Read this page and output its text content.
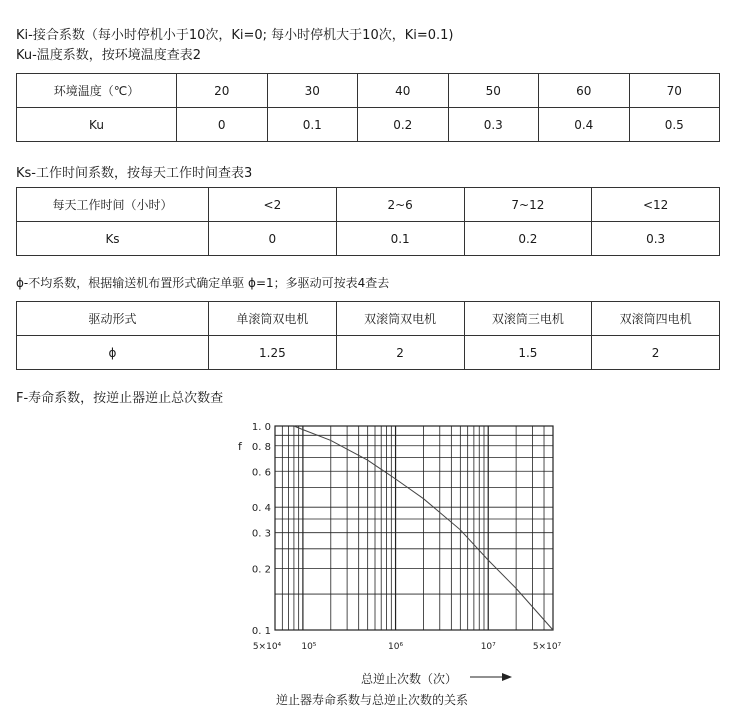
Ki-接合系数（每小时停机小于10次，Ki=0; 每小时停机大于10次，Ki=0.1)
Ku-温度系数，按环境温度查表2
环境温度（℃）	20	30	40	50	60	70
Ku	0	0.1	0.2	0.3	0.4	0.5
Ks-工作时间系数，按每天工作时间查表3
每天工作时间（小时）	<2	2~6	7~12	<12
Ks	0	0.1	0.2	0.3
ϕ-不均系数，根据输送机布置形式确定单驱 ϕ=1；多驱动可按表4查去
驱动形式	单滚筒双电机	双滚筒双电机	双滚筒三电机	双滚筒四电机
ϕ	1.25	2	1.5	2
F-寿命系数，按逆止器逆止总次数查
1. 0
0. 8
0. 6
0. 4
0. 3
0. 2
0. 1
5×10⁴ 10⁵	10⁶	10⁷	5×10⁷
f
总逆止次数（次）
逆止器寿命系数与总逆止次数的关系
